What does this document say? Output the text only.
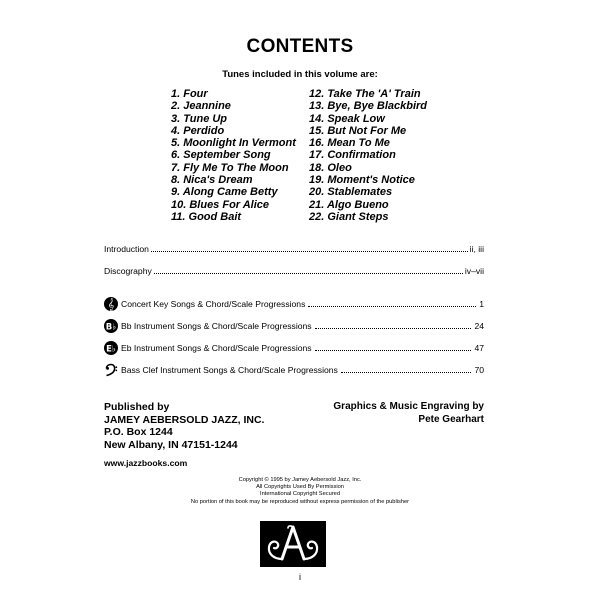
CONTENTS
Tunes included in this volume are:
1. Four
2. Jeannine
3. Tune Up
4. Perdido
5. Moonlight In Vermont
6. September Song
7. Fly Me To The Moon
8. Nica's Dream
9. Along Came Betty
10. Blues For Alice
11. Good Bait
12. Take The 'A' Train
13. Bye, Bye Blackbird
14. Speak Low
15. But Not For Me
16. Mean To Me
17. Confirmation
18. Oleo
19. Moment's Notice
20. Stablemates
21. Algo Bueno
22. Giant Steps
Introduction	ii, iii
Discography	iv–vii
𝄞 Concert Key Songs & Chord/Scale Progressions	1
B♭ Bb Instrument Songs & Chord/Scale Progressions	24
E♭ Eb Instrument Songs & Chord/Scale Progressions	47
Bass Clef Instrument Songs & Chord/Scale Progressions	70
Published by
JAMEY AEBERSOLD JAZZ, INC.
P.O. Box 1244
New Albany, IN 47151-1244
Graphics & Music Engraving by
Pete Gearhart
www.jazzbooks.com
Copyright © 1995 by Jamey Aebersold Jazz, Inc.
All Copyrights Used By Permission
International Copyright Secured
No portion of this book may be reproduced without express permission of the publisher
i
